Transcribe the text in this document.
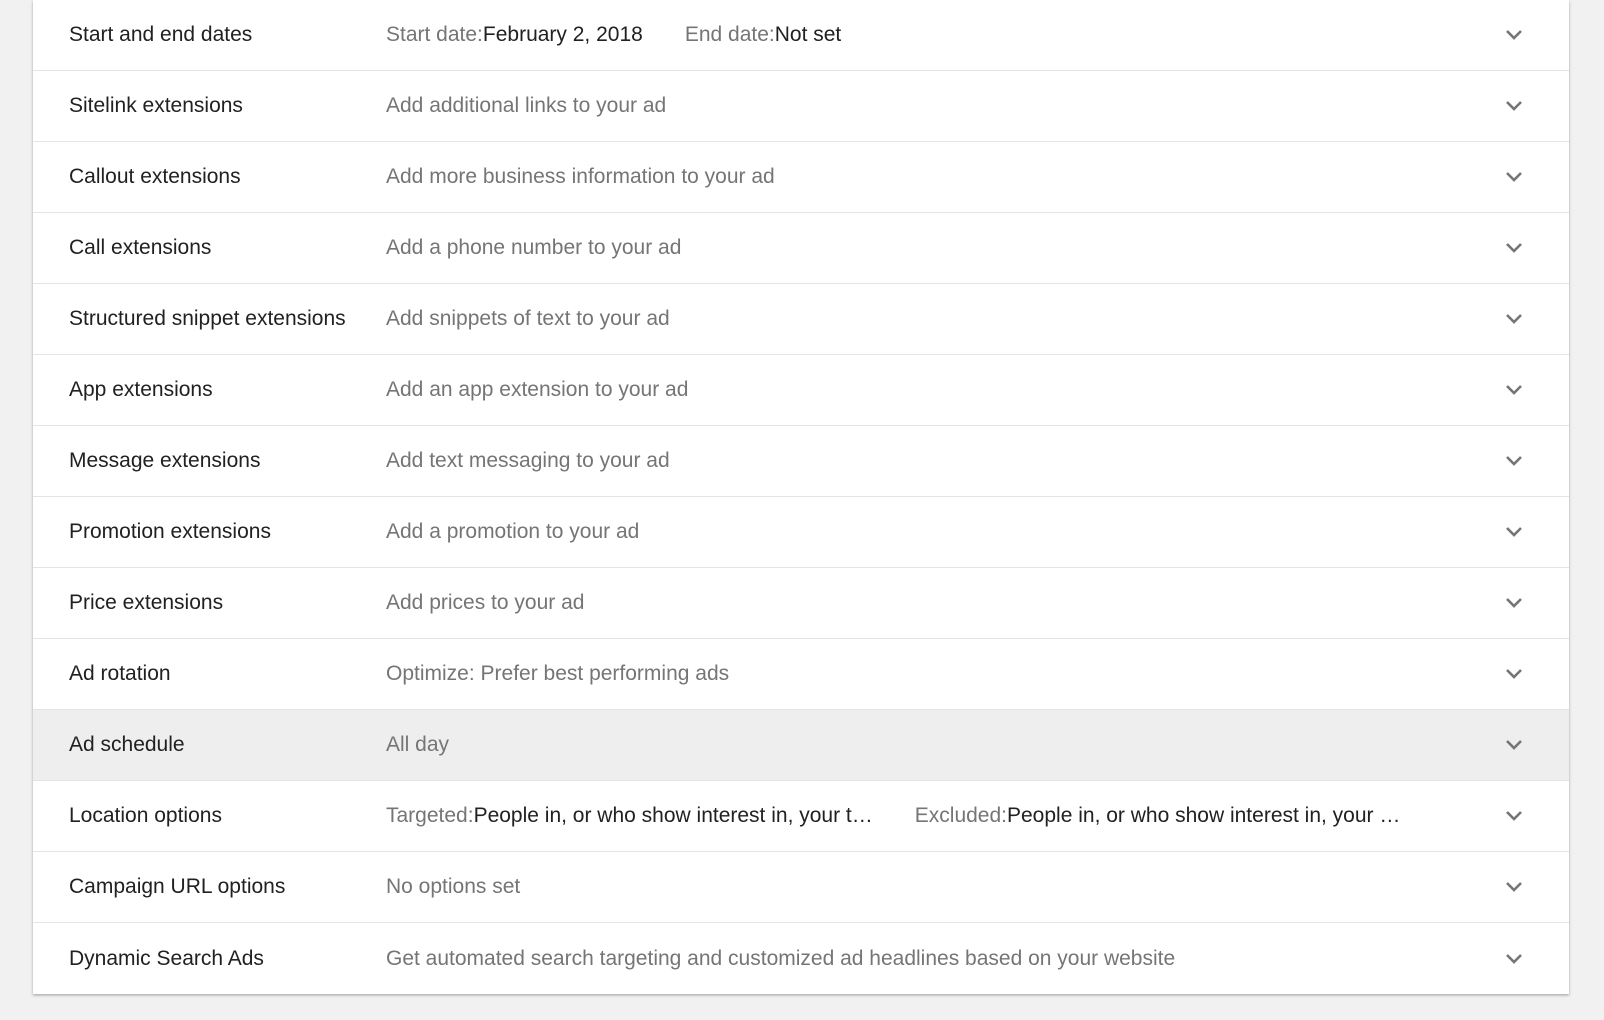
Start and end dates	Start date: February 2, 2018 End date: Not set
Sitelink extensions	Add additional links to your ad
Callout extensions	Add more business information to your ad
Call extensions	Add a phone number to your ad
Structured snippet extensions Add snippets of text to your ad
App extensions	Add an app extension to your ad
Message extensions	Add text messaging to your ad
Promotion extensions	Add a promotion to your ad
Price extensions	Add prices to your ad
Ad rotation	Optimize: Prefer best performing ads
Ad schedule	All day
Location options	Targeted: People in, or who show interest in, your t… Excluded: People in, or who show interest in, your …
Campaign URL options	No options set
Dynamic Search Ads	Get automated search targeting and customized ad headlines based on your website
